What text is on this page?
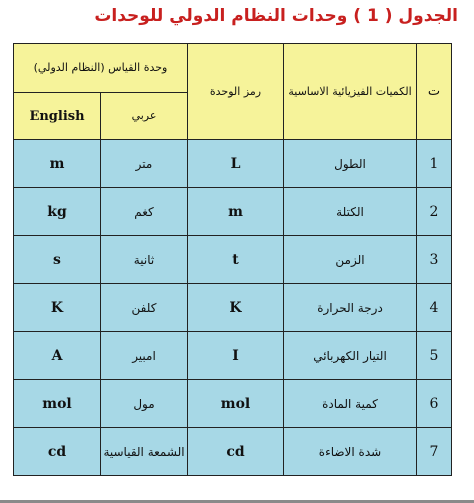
الجدول ( 1 ) وحدات النظام الدولي للوحدات
وحدة القياس (النظام الدولي)		رمز الوحدة	الكميات الفيزيائية الاساسية	ت
English	عربي			
m	متر	L	الطول	1
kg	كغم	m	الكتلة	2
s	ثانية	t	الزمن	3
K	كلفن	K	درجة الحرارة	4
A	امبير	I	التيار الكهربائي	5
mol	مول	mol	كمية المادة	6
cd	الشمعة القياسية	cd	شدة الاضاءة	7
